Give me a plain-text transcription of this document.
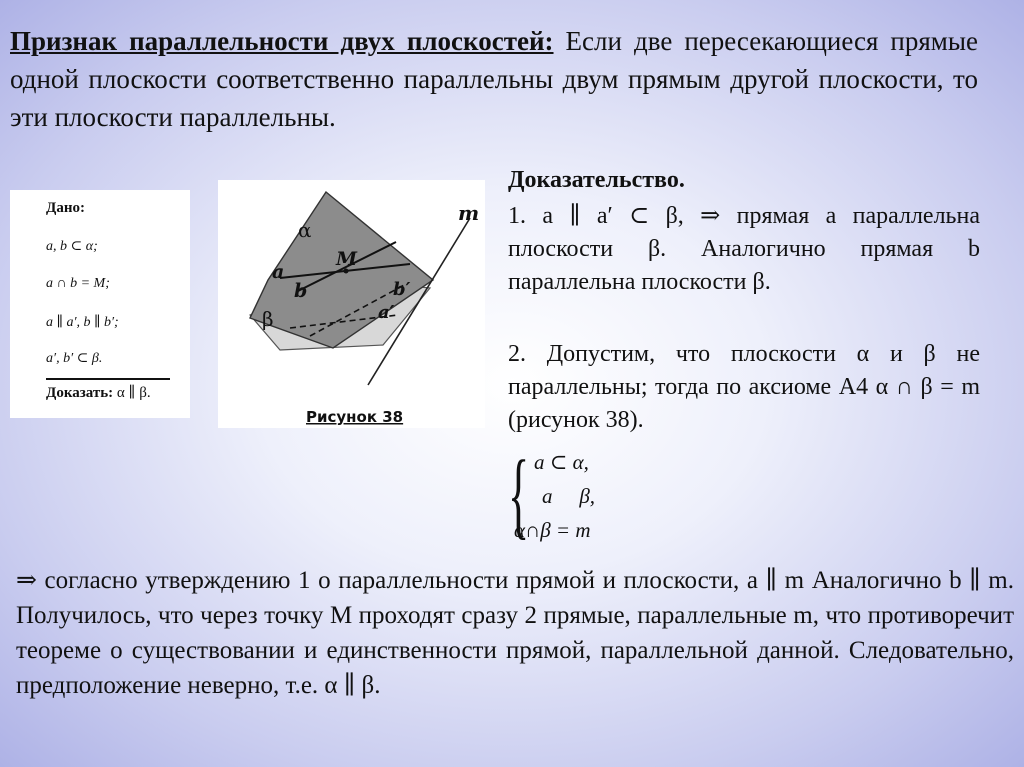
Признак параллельности двух плоскостей: Если две пересекающиеся прямые одной плоскости соответственно параллельны двум прямым другой плоскости, то эти плоскости параллельны.

Дано:
a, b ⊂ α;
a ∩ b = M;
a ∥ a′, b ∥ b′;
a′, b′ ⊂ β.
Доказать: α ∥ β.
α
β
m
M
a
b
a′
b′
Рисунок 38

Доказательство.

1. a ∥ a′ ⊂ β, ⇒ прямая a параллельна плоскости β. Аналогично прямая b параллельна плоскости β.

2. Допустим, что плоскости α и β не параллельны; тогда по аксиоме А4 α ∩ β = m (рисунок 38).

{ a ⊂ α,
a ⃞ β,
α∩β = m

⇒ согласно утверждению 1 о параллельности прямой и плоскости, a ∥ m Аналогично b ∥ m. Получилось, что через точку M проходят сразу 2 прямые, параллельные m, что противоречит теореме о существовании и единственности прямой, параллельной данной. Следовательно, предположение неверно, т.е. α ∥ β.
